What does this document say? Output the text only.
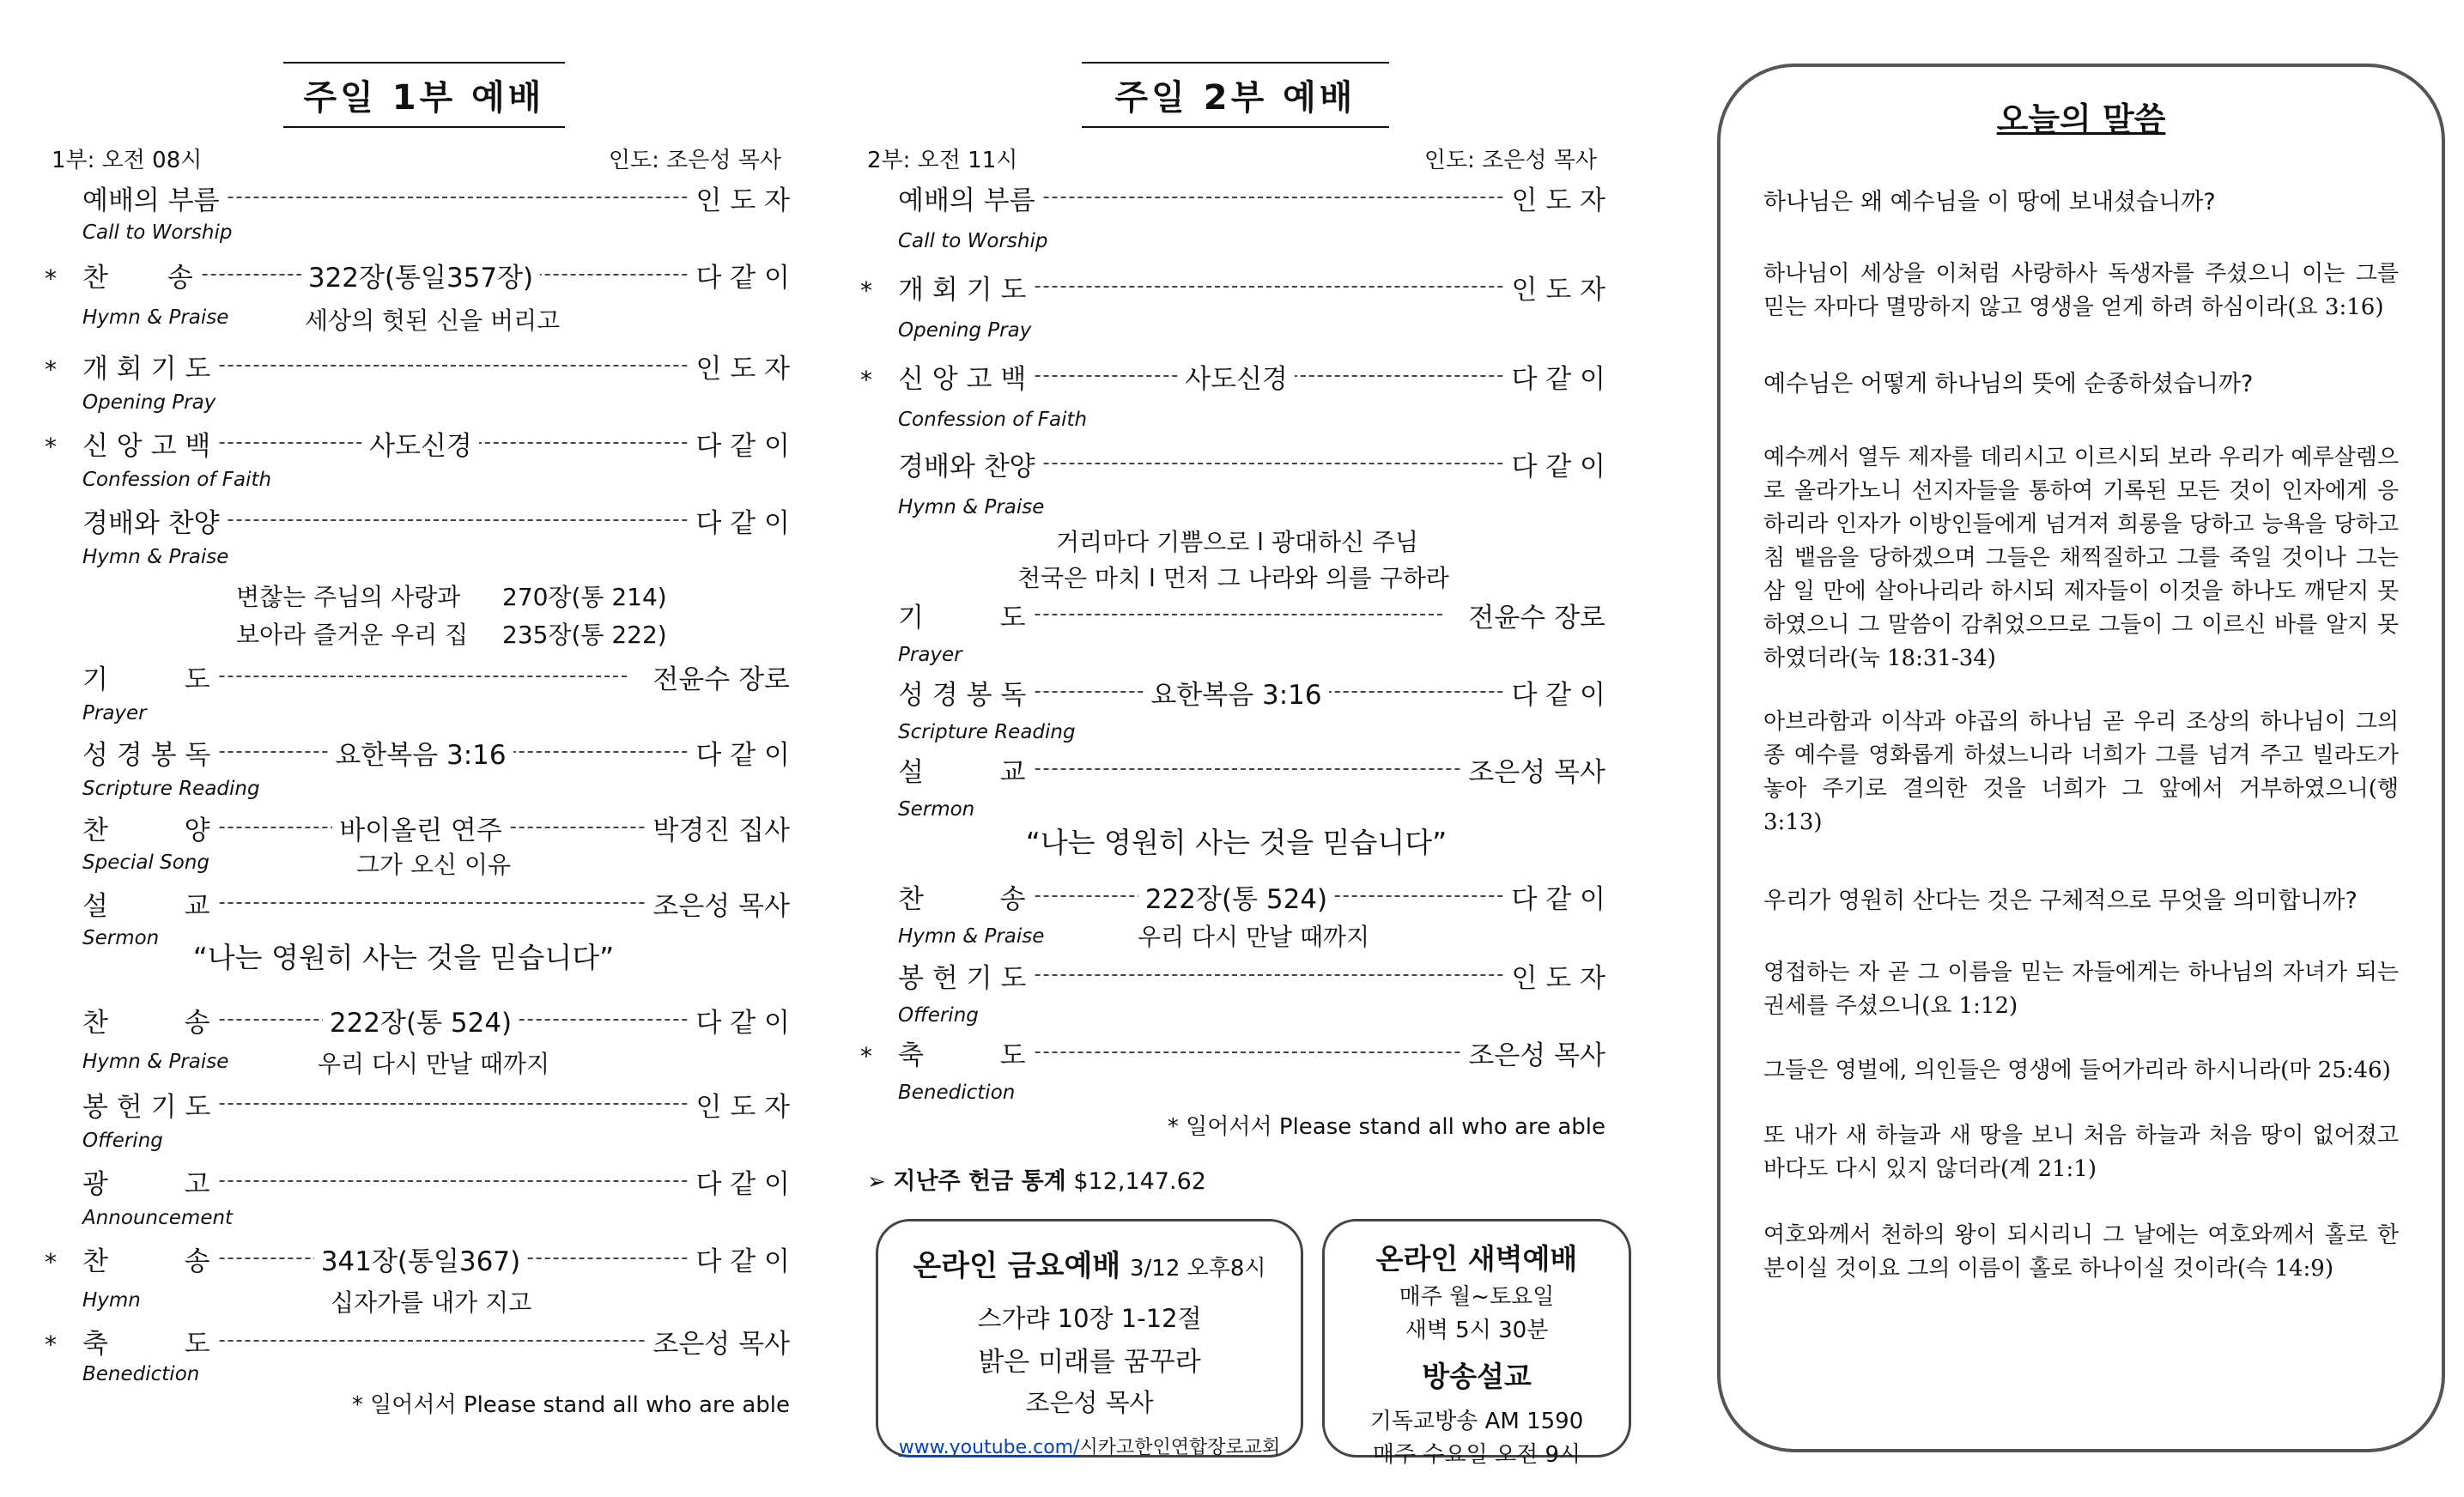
주일 1부 예배
1부: 오전 08시	인도: 조은성 목사
예배의 부름	인 도 자
Call to Worship
* 찬       송	322장(통일357장)	다 같 이
Hymn & Praise	세상의 헛된 신을 버리고
* 개 회 기 도	인 도 자
Opening Pray
* 신 앙 고 백	사도신경	다 같 이
Confession of Faith
경배와 찬양	다 같 이
Hymn & Praise
변찮는 주님의 사랑과 270장(통 214)
보아라 즐거운 우리 집 235장(통 222)
기         도	전윤수 장로
Prayer
성 경 봉 독	요한복음 3:16	다 같 이
Scripture Reading
찬         양	바이올린 연주	박경진 집사
Special Song	그가 오신 이유
설         교	조은성 목사
Sermon
“나는 영원히 사는 것을 믿습니다”
찬         송	222장(통 524)	다 같 이
Hymn & Praise	우리 다시 만날 때까지
봉 헌 기 도	인 도 자
Offering
광         고	다 같 이
Announcement
* 찬         송	341장(통일367)	다 같 이
Hymn	십자가를 내가 지고
* 축         도	조은성 목사
Benediction
* 일어서서 Please stand all who are able
주일 2부 예배
2부: 오전 11시	인도: 조은성 목사
예배의 부름	인 도 자
Call to Worship
* 개 회 기 도	인 도 자
Opening Pray
* 신 앙 고 백	사도신경	다 같 이
Confession of Faith
경배와 찬양	다 같 이
Hymn & Praise
거리마다 기쁨으로 l 광대하신 주님
천국은 마치 l 먼저 그 나라와 의를 구하라
기         도	전윤수 장로
Prayer
성 경 봉 독	요한복음 3:16	다 같 이
Scripture Reading
설         교	조은성 목사
Sermon
“나는 영원히 사는 것을 믿습니다”
찬         송	222장(통 524)	다 같 이
Hymn & Praise	우리 다시 만날 때까지
봉 헌 기 도	인 도 자
Offering
* 축         도	조은성 목사
Benediction
* 일어서서 Please stand all who are able
➢ 지난주 헌금 통계 $12,147.62
온라인 금요예배 3/12 오후8시
스가랴 10장 1-12절
밝은 미래를 꿈꾸라
조은성 목사
www.youtube.com/시카고한인연합장로교회
온라인 새벽예배
매주 월~토요일
새벽 5시 30분
방송설교
기독교방송 AM 1590
매주 수요일 오전 9시
오늘의 말씀
하나님은 왜 예수님을 이 땅에 보내셨습니까?
하나님이 세상을 이처럼 사랑하사 독생자를 주셨으니 이는 그를 믿는 자마다 멸망하지 않고 영생을 얻게 하려 하심이라(요 3:16)
예수님은 어떻게 하나님의 뜻에 순종하셨습니까?
예수께서 열두 제자를 데리시고 이르시되 보라 우리가 예루살렘으로 올라가노니 선지자들을 통하여 기록된 모든 것이 인자에게 응하리라 인자가 이방인들에게 넘겨져 희롱을 당하고 능욕을 당하고 침 뱉음을 당하겠으며 그들은 채찍질하고 그를 죽일 것이나 그는 삼 일 만에 살아나리라 하시되 제자들이 이것을 하나도 깨닫지 못하였으니 그 말씀이 감취었으므로 그들이 그 이르신 바를 알지 못하였더라(눅 18:31-34)
아브라함과 이삭과 야곱의 하나님 곧 우리 조상의 하나님이 그의 종 예수를 영화롭게 하셨느니라 너희가 그를 넘겨 주고 빌라도가 놓아 주기로 결의한 것을 너희가 그 앞에서 거부하였으니(행 3:13)
우리가 영원히 산다는 것은 구체적으로 무엇을 의미합니까?
영접하는 자 곧 그 이름을 믿는 자들에게는 하나님의 자녀가 되는 권세를 주셨으니(요 1:12)
그들은 영벌에, 의인들은 영생에 들어가리라 하시니라(마 25:46)
또 내가 새 하늘과 새 땅을 보니 처음 하늘과 처음 땅이 없어졌고 바다도 다시 있지 않더라(계 21:1)
여호와께서 천하의 왕이 되시리니 그 날에는 여호와께서 홀로 한 분이실 것이요 그의 이름이 홀로 하나이실 것이라(슥 14:9)
